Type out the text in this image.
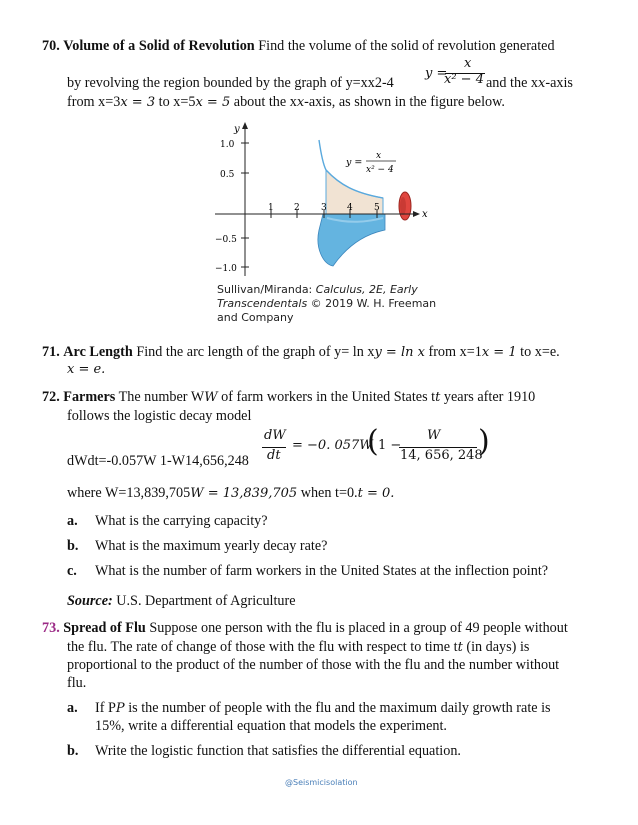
70. Volume of a Solid of Revolution Find the volume of the solid of revolution generated
y =
x
x² − 4
by revolving the region bounded by the graph of y=xx2-4	and the xx-axis
from x=3x = 3 to x=5x = 5 about the xx-axis, as shown in the figure below.
y
x
1.0
0.5
−0.5
−1.0
1 2 3 4 5
y =
x
x² − 4
Sullivan/Miranda: Calculus, 2E, Early
Transcendentals © 2019 W. H. Freeman
and Company
71. Arc Length Find the arc length of the graph of y= ln xy = ln x from x=1x = 1 to x=e.
x = e.
72. Farmers The number WW of farm workers in the United States tt years after 1910
follows the logistic decay model
dWdt=-0.057W 1-W14,656,248
dW
dt
= −0. 057W
( 1 −
W
14, 656, 248
)
where W=13,839,705W = 13,839,705 when t=0.t = 0.
a. What is the carrying capacity?
b. What is the maximum yearly decay rate?
c. What is the number of farm workers in the United States at the inflection point?
Source: U.S. Department of Agriculture
73. Spread of Flu Suppose one person with the flu is placed in a group of 49 people without
the flu. The rate of change of those with the flu with respect to time tt (in days) is
proportional to the product of the number of those with the flu and the number without
flu.
a. If PP is the number of people with the flu and the maximum daily growth rate is
15%, write a differential equation that models the experiment.
b. Write the logistic function that satisfies the differential equation.
@Seismicisolation
